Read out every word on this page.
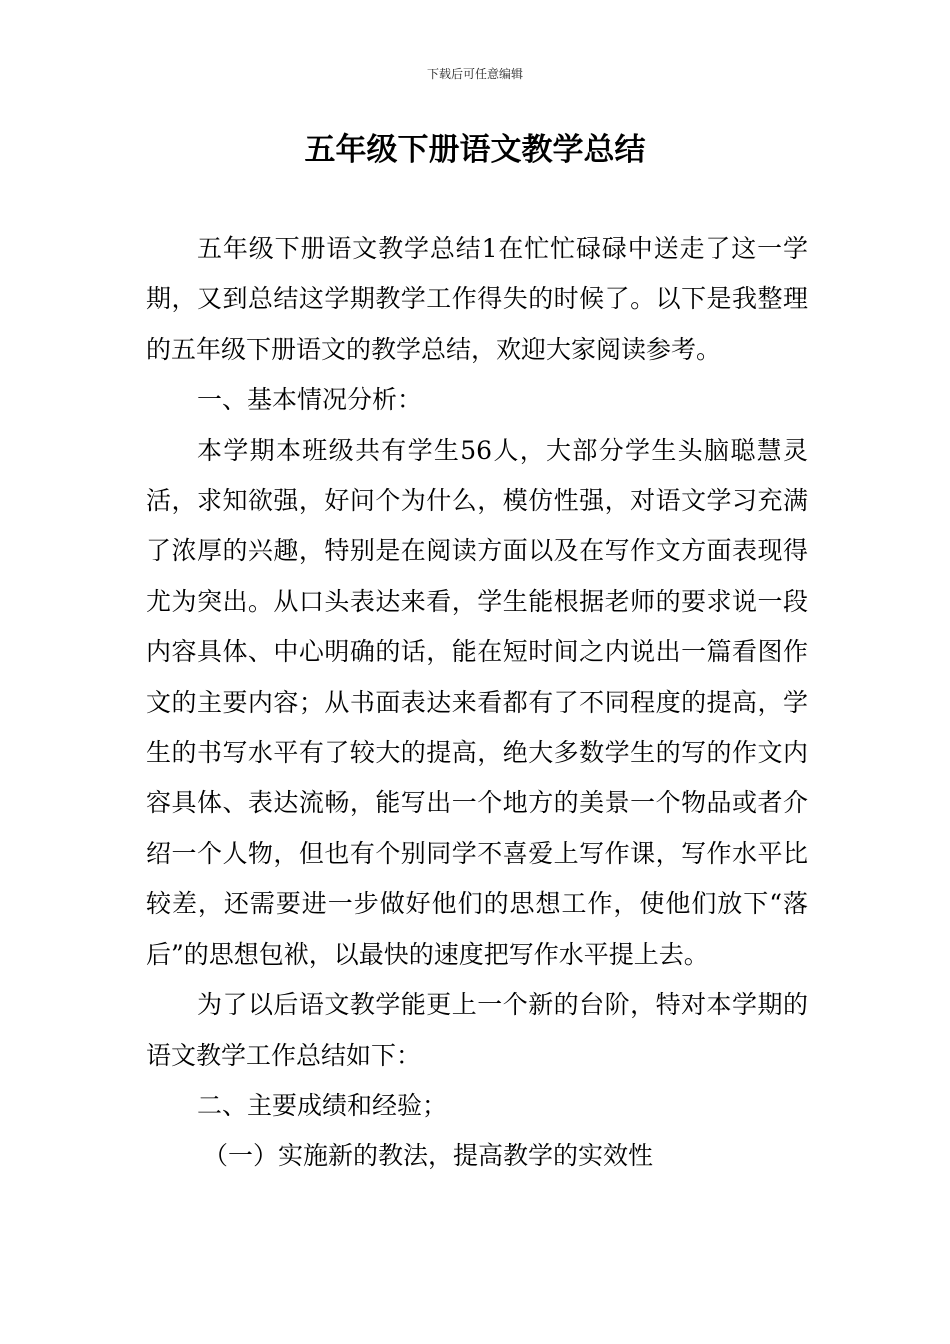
下载后可任意编辑
五年级下册语文教学总结

五年级下册语文教学总结1在忙忙碌碌中送走了这一学期，又到总结这学期教学工作得失的时候了。以下是我整理的五年级下册语文的教学总结，欢迎大家阅读参考。

一、基本情况分析：

本学期本班级共有学生56人，大部分学生头脑聪慧灵活，求知欲强，好问个为什么，模仿性强，对语文学习充满了浓厚的兴趣，特别是在阅读方面以及在写作文方面表现得尤为突出。从口头表达来看，学生能根据老师的要求说一段内容具体、中心明确的话，能在短时间之内说出一篇看图作文的主要内容；从书面表达来看都有了不同程度的提高，学生的书写水平有了较大的提高，绝大多数学生的写的作文内容具体、表达流畅，能写出一个地方的美景一个物品或者介绍一个人物，但也有个别同学不喜爱上写作课，写作水平比较差，还需要进一步做好他们的思想工作，使他们放下“落后”的思想包袱，以最快的速度把写作水平提上去。

为了以后语文教学能更上一个新的台阶，特对本学期的语文教学工作总结如下：

二、主要成绩和经验；

（一）实施新的教法，提高教学的实效性
